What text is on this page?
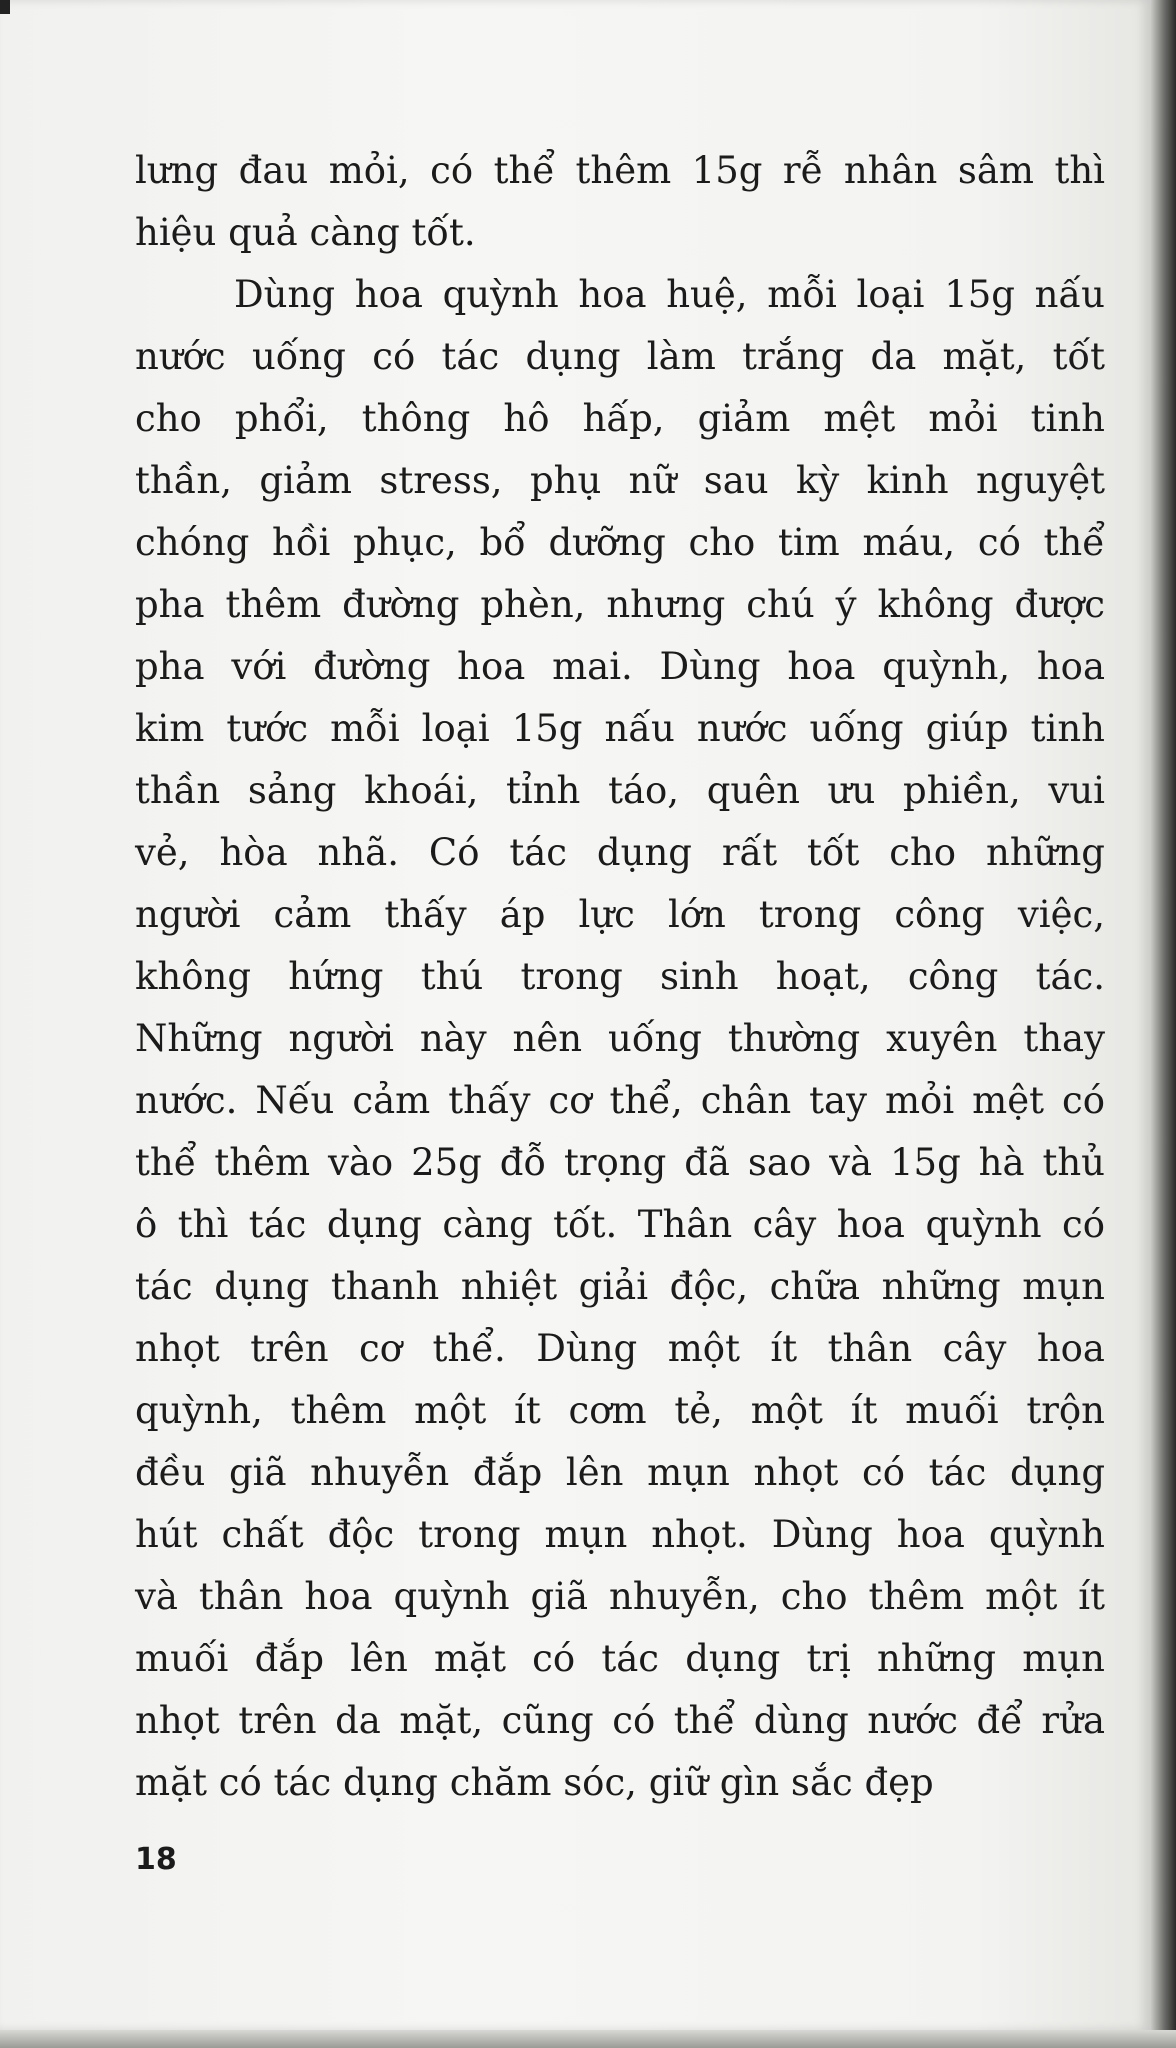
lưng đau mỏi, có thể thêm 15g rễ nhân sâm thì
hiệu quả càng tốt.
Dùng hoa quỳnh hoa huệ, mỗi loại 15g nấu
nước uống có tác dụng làm trắng da mặt, tốt
cho phổi, thông hô hấp, giảm mệt mỏi tinh
thần, giảm stress, phụ nữ sau kỳ kinh nguyệt
chóng hồi phục, bổ dưỡng cho tim máu, có thể
pha thêm đường phèn, nhưng chú ý không được
pha với đường hoa mai. Dùng hoa quỳnh, hoa
kim tước mỗi loại 15g nấu nước uống giúp tinh
thần sảng khoái, tỉnh táo, quên ưu phiền, vui
vẻ, hòa nhã. Có tác dụng rất tốt cho những
người cảm thấy áp lực lớn trong công việc,
không hứng thú trong sinh hoạt, công tác.
Những người này nên uống thường xuyên thay
nước. Nếu cảm thấy cơ thể, chân tay mỏi mệt có
thể thêm vào 25g đỗ trọng đã sao và 15g hà thủ
ô thì tác dụng càng tốt. Thân cây hoa quỳnh có
tác dụng thanh nhiệt giải độc, chữa những mụn
nhọt trên cơ thể. Dùng một ít thân cây hoa
quỳnh, thêm một ít cơm tẻ, một ít muối trộn
đều giã nhuyễn đắp lên mụn nhọt có tác dụng
hút chất độc trong mụn nhọt. Dùng hoa quỳnh
và thân hoa quỳnh giã nhuyễn, cho thêm một ít
muối đắp lên mặt có tác dụng trị những mụn
nhọt trên da mặt, cũng có thể dùng nước để rửa
mặt có tác dụng chăm sóc, giữ gìn sắc đẹp
18
